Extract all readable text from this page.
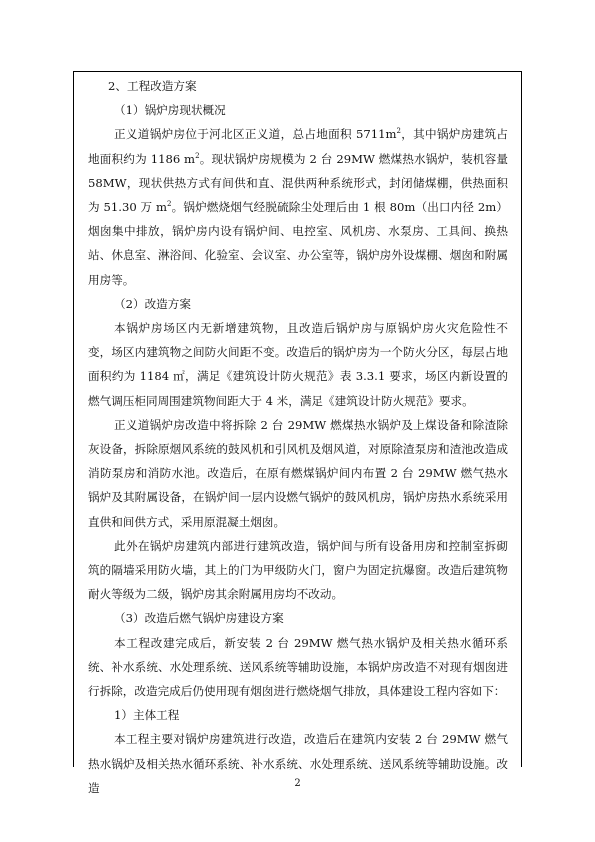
2、工程改造方案

（1）锅炉房现状概况

正义道锅炉房位于河北区正义道，总占地面积 $5711m^2$，其中锅炉房建筑占地面积约为 1186 $m^2$。现状锅炉房规模为 2 台 29MW 燃煤热水锅炉，装机容量58MW，现状供热方式有间供和直、混供两种系统形式，封闭储煤棚，供热面积为 51.30 万 $m^2$。锅炉燃烧烟气经脱硫除尘处理后由 1 根 80m（出口内径 2m）烟囱集中排放，锅炉房内设有锅炉间、电控室、风机房、水泵房、工具间、换热站、休息室、淋浴间、化验室、会议室、办公室等，锅炉房外设煤棚、烟囱和附属用房等。

（2）改造方案

本锅炉房场区内无新增建筑物，且改造后锅炉房与原锅炉房火灾危险性不变，场区内建筑物之间防火间距不变。改造后的锅炉房为一个防火分区，每层占地面积约为 1184 ㎡，满足《建筑设计防火规范》表 3.3.1 要求，场区内新设置的燃气调压柜同周围建筑物间距大于 4 米，满足《建筑设计防火规范》要求。

正义道锅炉房改造中将拆除 2 台 29MW 燃煤热水锅炉及上煤设备和除渣除灰设备，拆除原烟风系统的鼓风机和引风机及烟风道，对原除渣泵房和渣池改造成消防泵房和消防水池。改造后，在原有燃煤锅炉间内布置 2 台 29MW 燃气热水锅炉及其附属设备，在锅炉间一层内设燃气锅炉的鼓风机房，锅炉房热水系统采用直供和间供方式，采用原混凝土烟囱。

此外在锅炉房建筑内部进行建筑改造，锅炉间与所有设备用房和控制室拆砌筑的隔墙采用防火墙，其上的门为甲级防火门，窗户为固定抗爆窗。改造后建筑物耐火等级为二级，锅炉房其余附属用房均不改动。

（3）改造后燃气锅炉房建设方案

本工程改建完成后，新安装 2 台 29MW 燃气热水锅炉及相关热水循环系统、补水系统、水处理系统、送风系统等辅助设施，本锅炉房改造不对现有烟囱进行拆除，改造完成后仍使用现有烟囱进行燃烧烟气排放，具体建设工程内容如下：

1）主体工程

本工程主要对锅炉房建筑进行改造，改造后在建筑内安装 2 台 29MW 燃气热水锅炉及相关热水循环系统、补水系统、水处理系统、送风系统等辅助设施。改造	2
